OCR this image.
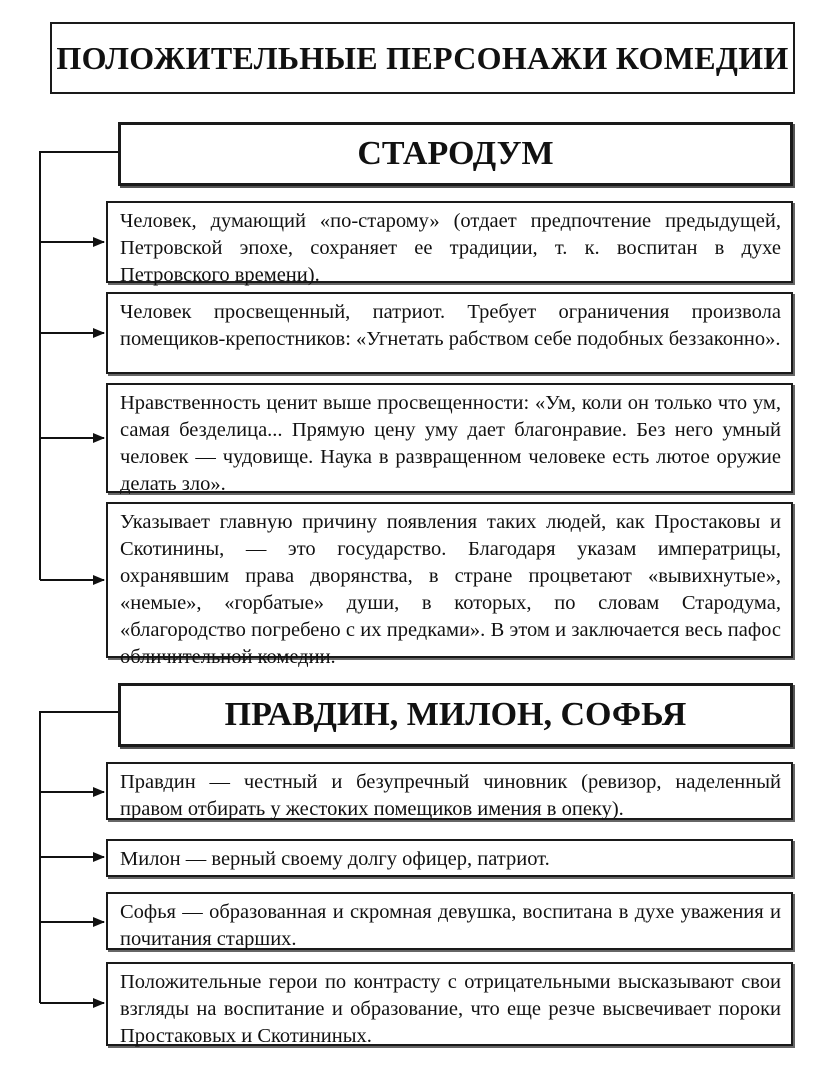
ПОЛОЖИТЕЛЬНЫЕ ПЕРСОНАЖИ КОМЕДИИ
СТАРОДУМ

Человек, думающий «по-старому» (отдает предпочтение предыдущей, Петровской эпохе, сохраняет ее традиции, т. к. воспитан в духе Петровского времени).

Человек просвещенный, патриот. Требует ограничения произвола помещиков-крепостников: «Угнетать рабством себе подобных беззаконно».

Нравственность ценит выше просвещенности: «Ум, коли он только что ум, самая безделица... Прямую цену уму дает благонравие. Без него умный человек — чудовище. Наука в развращенном человеке есть лютое оружие делать зло».

Указывает главную причину появления таких людей, как Простаковы и Скотинины, — это государство. Благодаря указам императрицы, охранявшим права дворянства, в стране процветают «вывихнутые», «немые», «горбатые» души, в которых, по словам Стародума, «благородство погребено с их предками». В этом и заключается весь пафос обличительной комедии.

ПРАВДИН, МИЛОН, СОФЬЯ

Правдин — честный и безупречный чиновник (ревизор, наделенный правом отбирать у жестоких помещиков имения в опеку).

Милон — верный своему долгу офицер, патриот.

Софья — образованная и скромная девушка, воспитана в духе уважения и почитания старших.

Положительные герои по контрасту с отрицательными высказывают свои взгляды на воспитание и образование, что еще резче высвечивает пороки Простаковых и Скотининых.
